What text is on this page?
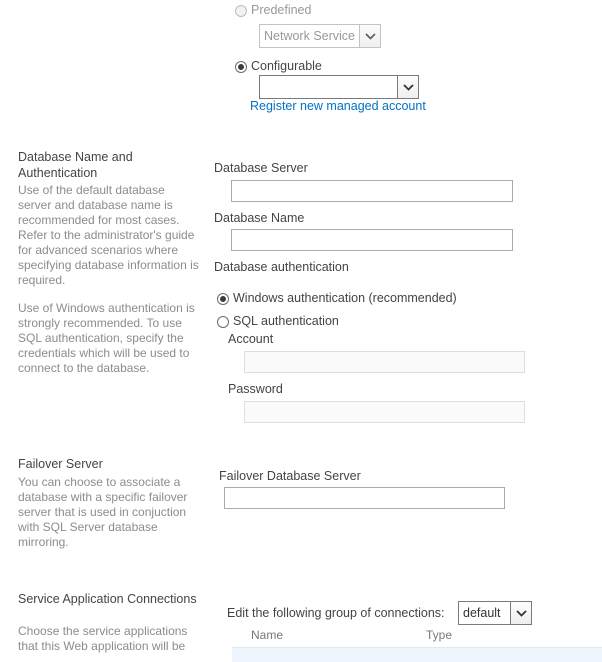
Predefined
Network Service
Configurable
Register new managed account
Database Name and Authentication

Use of the default database server and database name is recommended for most cases. Refer to the administrator's guide for advanced scenarios where specifying database information is required.

Use of Windows authentication is strongly recommended. To use SQL authentication, specify the credentials which will be used to connect to the database.

Database Server
Database Name
Database authentication
Windows authentication (recommended)
SQL authentication
Account
Password
Failover Server

You can choose to associate a database with a specific failover server that is used in conjuction with SQL Server database mirroring.

Failover Database Server
Service Application Connections

Choose the service applications that this Web application will be

Edit the following group of connections:	default
Name	Type
